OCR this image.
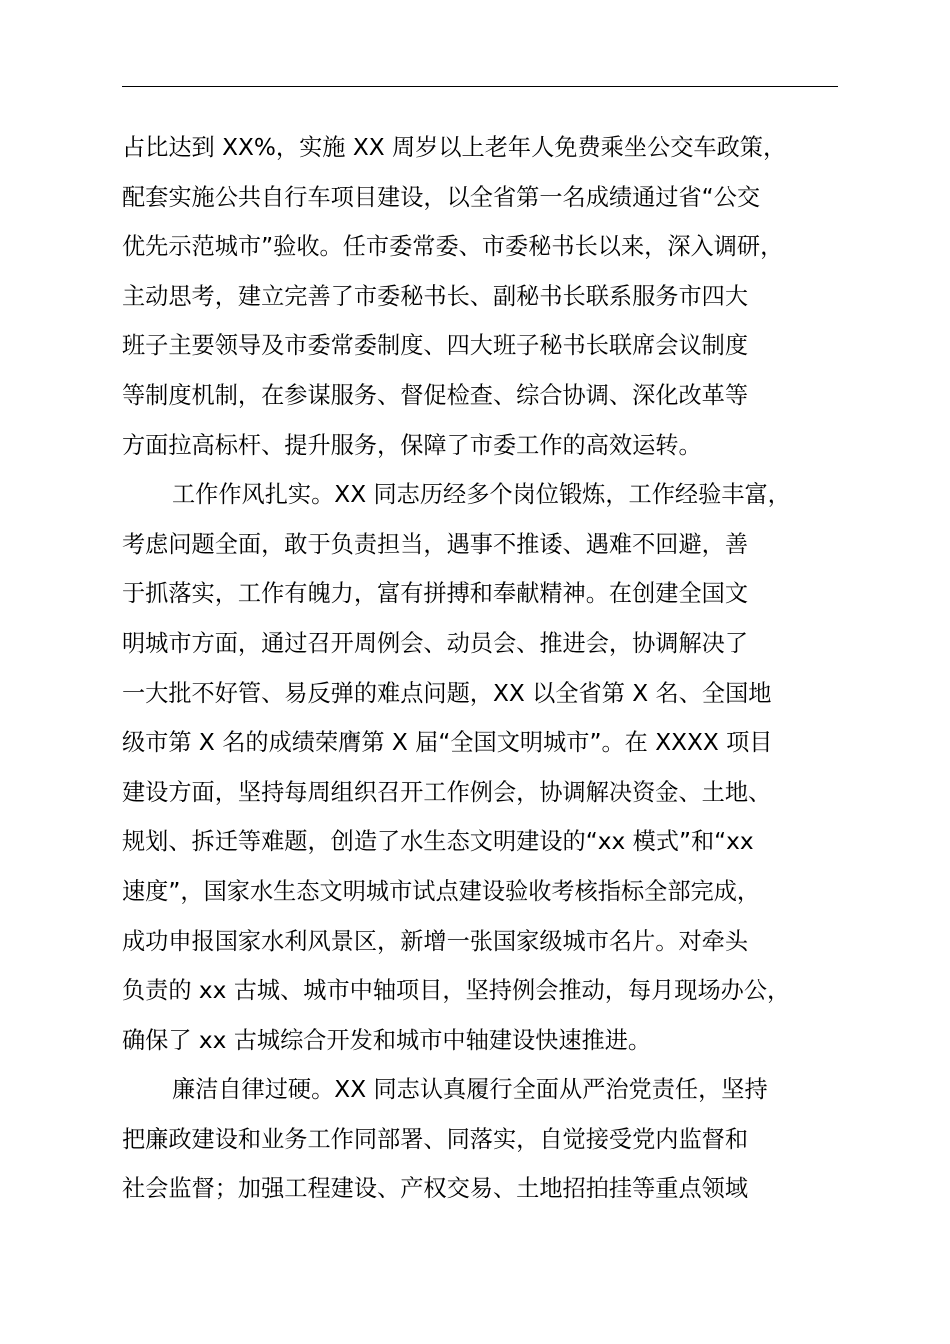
占比达到 XX%，实施 XX 周岁以上老年人免费乘坐公交车政策，
配套实施公共自行车项目建设，以全省第一名成绩通过省“公交
优先示范城市”验收。任市委常委、市委秘书长以来，深入调研，
主动思考，建立完善了市委秘书长、副秘书长联系服务市四大
班子主要领导及市委常委制度、四大班子秘书长联席会议制度
等制度机制，在参谋服务、督促检查、综合协调、深化改革等
方面拉高标杆、提升服务，保障了市委工作的高效运转。
工作作风扎实。XX 同志历经多个岗位锻炼，工作经验丰富，
考虑问题全面，敢于负责担当，遇事不推诿、遇难不回避，善
于抓落实，工作有魄力，富有拼搏和奉献精神。在创建全国文
明城市方面，通过召开周例会、动员会、推进会，协调解决了
一大批不好管、易反弹的难点问题，XX 以全省第 X 名、全国地
级市第 X 名的成绩荣膺第 X 届“全国文明城市”。在 XXXX 项目
建设方面，坚持每周组织召开工作例会，协调解决资金、土地、
规划、拆迁等难题，创造了水生态文明建设的“xx 模式”和“xx
速度”，国家水生态文明城市试点建设验收考核指标全部完成，
成功申报国家水利风景区，新增一张国家级城市名片。对牵头
负责的 xx 古城、城市中轴项目，坚持例会推动，每月现场办公，
确保了 xx 古城综合开发和城市中轴建设快速推进。
廉洁自律过硬。XX 同志认真履行全面从严治党责任，坚持
把廉政建设和业务工作同部署、同落实，自觉接受党内监督和
社会监督；加强工程建设、产权交易、土地招拍挂等重点领域
